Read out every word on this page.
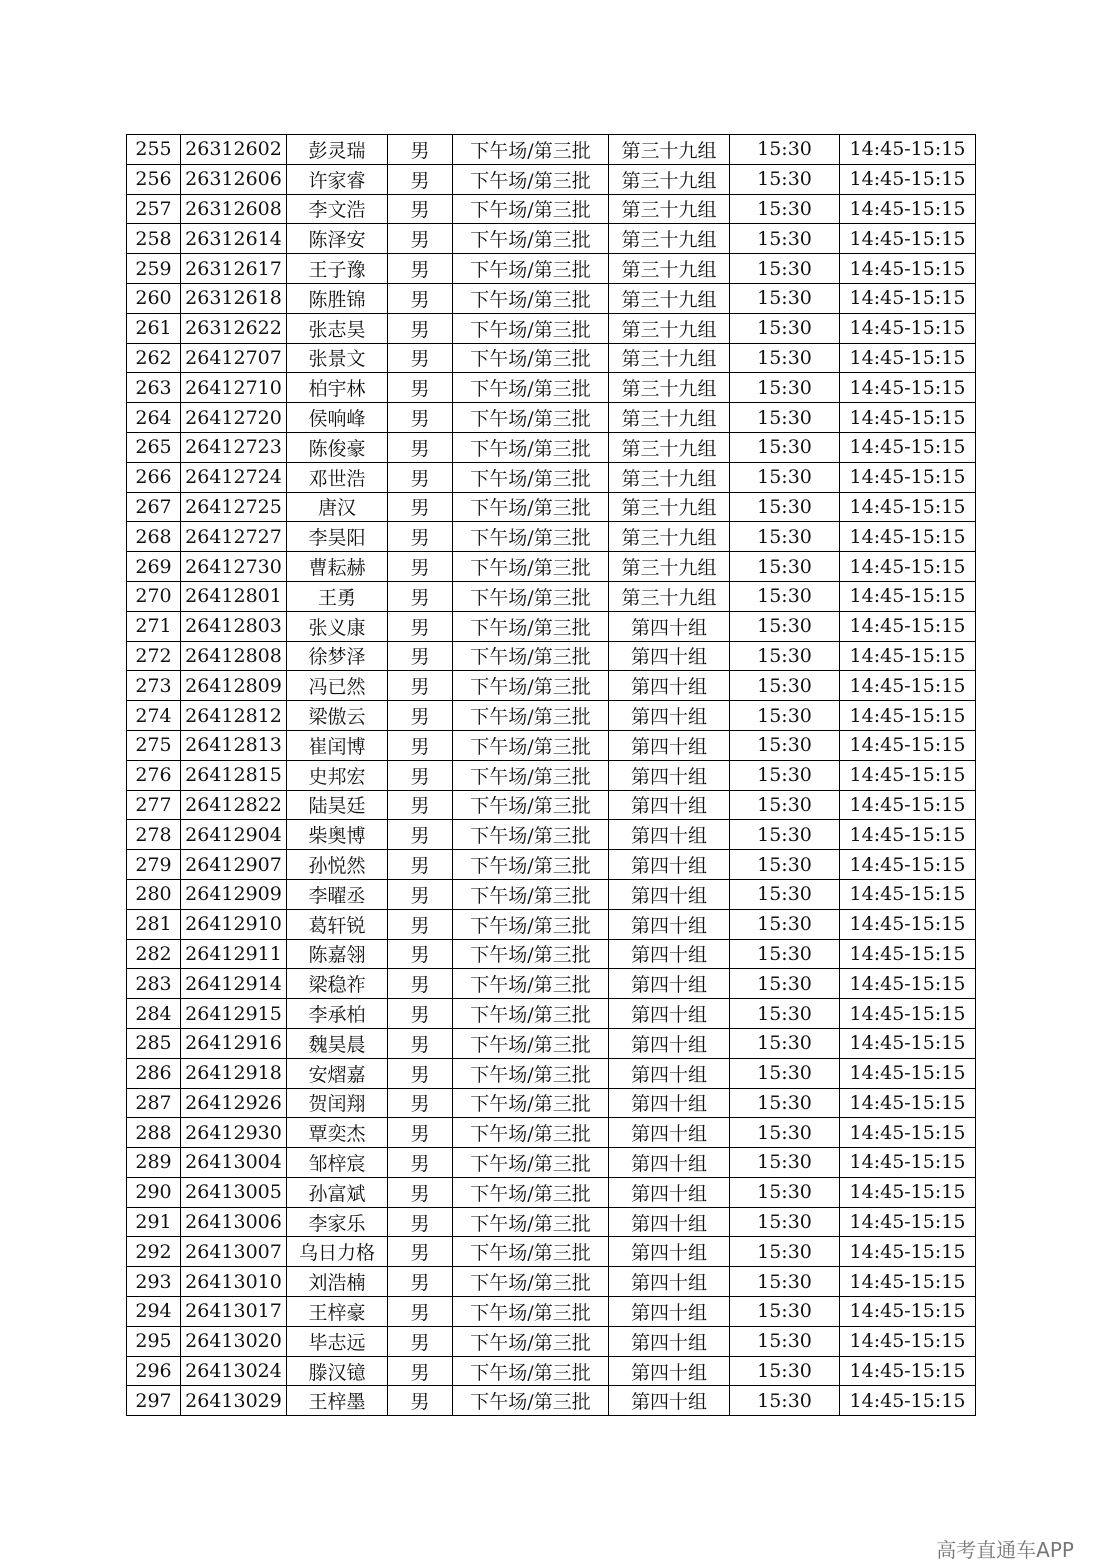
255	26312602	彭灵瑞	男	下午场/第三批	第三十九组	15:30	14:45-15:15
256	26312606	许家睿	男	下午场/第三批	第三十九组	15:30	14:45-15:15
257	26312608	李文浩	男	下午场/第三批	第三十九组	15:30	14:45-15:15
258	26312614	陈泽安	男	下午场/第三批	第三十九组	15:30	14:45-15:15
259	26312617	王子豫	男	下午场/第三批	第三十九组	15:30	14:45-15:15
260	26312618	陈胜锦	男	下午场/第三批	第三十九组	15:30	14:45-15:15
261	26312622	张志昊	男	下午场/第三批	第三十九组	15:30	14:45-15:15
262	26412707	张景文	男	下午场/第三批	第三十九组	15:30	14:45-15:15
263	26412710	柏宇林	男	下午场/第三批	第三十九组	15:30	14:45-15:15
264	26412720	侯响峰	男	下午场/第三批	第三十九组	15:30	14:45-15:15
265	26412723	陈俊豪	男	下午场/第三批	第三十九组	15:30	14:45-15:15
266	26412724	邓世浩	男	下午场/第三批	第三十九组	15:30	14:45-15:15
267	26412725	唐汉	男	下午场/第三批	第三十九组	15:30	14:45-15:15
268	26412727	李昊阳	男	下午场/第三批	第三十九组	15:30	14:45-15:15
269	26412730	曹耘赫	男	下午场/第三批	第三十九组	15:30	14:45-15:15
270	26412801	王勇	男	下午场/第三批	第三十九组	15:30	14:45-15:15
271	26412803	张义康	男	下午场/第三批	第四十组	15:30	14:45-15:15
272	26412808	徐梦泽	男	下午场/第三批	第四十组	15:30	14:45-15:15
273	26412809	冯已然	男	下午场/第三批	第四十组	15:30	14:45-15:15
274	26412812	梁傲云	男	下午场/第三批	第四十组	15:30	14:45-15:15
275	26412813	崔闰博	男	下午场/第三批	第四十组	15:30	14:45-15:15
276	26412815	史邦宏	男	下午场/第三批	第四十组	15:30	14:45-15:15
277	26412822	陆昊廷	男	下午场/第三批	第四十组	15:30	14:45-15:15
278	26412904	柴奥博	男	下午场/第三批	第四十组	15:30	14:45-15:15
279	26412907	孙悦然	男	下午场/第三批	第四十组	15:30	14:45-15:15
280	26412909	李曜丞	男	下午场/第三批	第四十组	15:30	14:45-15:15
281	26412910	葛轩锐	男	下午场/第三批	第四十组	15:30	14:45-15:15
282	26412911	陈嘉翎	男	下午场/第三批	第四十组	15:30	14:45-15:15
283	26412914	梁稳祚	男	下午场/第三批	第四十组	15:30	14:45-15:15
284	26412915	李承柏	男	下午场/第三批	第四十组	15:30	14:45-15:15
285	26412916	魏昊晨	男	下午场/第三批	第四十组	15:30	14:45-15:15
286	26412918	安熠嘉	男	下午场/第三批	第四十组	15:30	14:45-15:15
287	26412926	贺闰翔	男	下午场/第三批	第四十组	15:30	14:45-15:15
288	26412930	覃奕杰	男	下午场/第三批	第四十组	15:30	14:45-15:15
289	26413004	邹梓宸	男	下午场/第三批	第四十组	15:30	14:45-15:15
290	26413005	孙富斌	男	下午场/第三批	第四十组	15:30	14:45-15:15
291	26413006	李家乐	男	下午场/第三批	第四十组	15:30	14:45-15:15
292	26413007	乌日力格	男	下午场/第三批	第四十组	15:30	14:45-15:15
293	26413010	刘浩楠	男	下午场/第三批	第四十组	15:30	14:45-15:15
294	26413017	王梓豪	男	下午场/第三批	第四十组	15:30	14:45-15:15
295	26413020	毕志远	男	下午场/第三批	第四十组	15:30	14:45-15:15
296	26413024	滕汉镱	男	下午场/第三批	第四十组	15:30	14:45-15:15
297	26413029	王梓墨	男	下午场/第三批	第四十组	15:30	14:45-15:15
高考直通车APP
